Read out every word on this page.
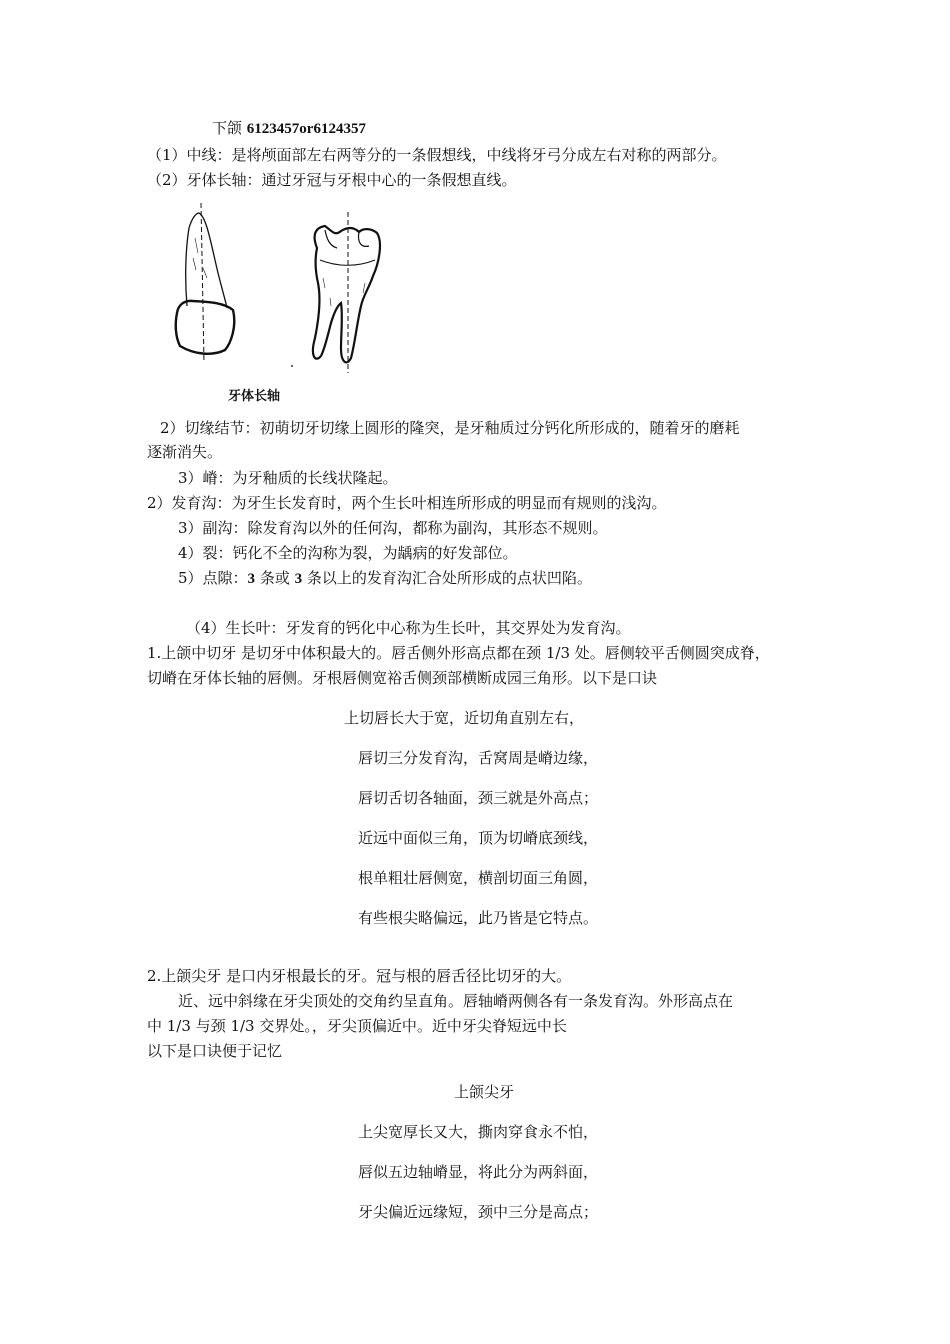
下颌 6123457or6124357
（1）中线：是将颅面部左右两等分的一条假想线，中线将牙弓分成左右对称的两部分。
（2）牙体长轴：通过牙冠与牙根中心的一条假想直线。
牙体长轴
2）切缘结节：初萌切牙切缘上圆形的隆突，是牙釉质过分钙化所形成的，随着牙的磨耗
逐渐消失。
3）嵴：为牙釉质的长线状隆起。
2）发育沟：为牙生长发育时，两个生长叶相连所形成的明显而有规则的浅沟。
3）副沟：除发育沟以外的任何沟，都称为副沟，其形态不规则。
4）裂：钙化不全的沟称为裂，为龋病的好发部位。
5）点隙：3 条或 3 条以上的发育沟汇合处所形成的点状凹陷。
（4）生长叶：牙发育的钙化中心称为生长叶，其交界处为发育沟。
1.上颌中切牙 是切牙中体积最大的。唇舌侧外形高点都在颈 1/3 处。唇侧较平舌侧圆突成脊，
切嵴在牙体长轴的唇侧。牙根唇侧宽裕舌侧颈部横断成园三角形。以下是口诀
上切唇长大于宽，近切角直别左右，
唇切三分发育沟，舌窝周是嵴边缘，
唇切舌切各轴面，颈三就是外高点；
近远中面似三角，顶为切嵴底颈线，
根单粗壮唇侧宽，横剖切面三角圆，
有些根尖略偏远，此乃皆是它特点。
2.上颌尖牙 是口内牙根最长的牙。冠与根的唇舌径比切牙的大。
近、远中斜缘在牙尖顶处的交角约呈直角。唇轴嵴两侧各有一条发育沟。外形高点在
中 1/3 与颈 1/3 交界处。，牙尖顶偏近中。近中牙尖脊短远中长
以下是口诀便于记忆
上颌尖牙
上尖宽厚长又大，撕肉穿食永不怕，
唇似五边轴嵴显，将此分为两斜面，
牙尖偏近远缘短，颈中三分是高点；
